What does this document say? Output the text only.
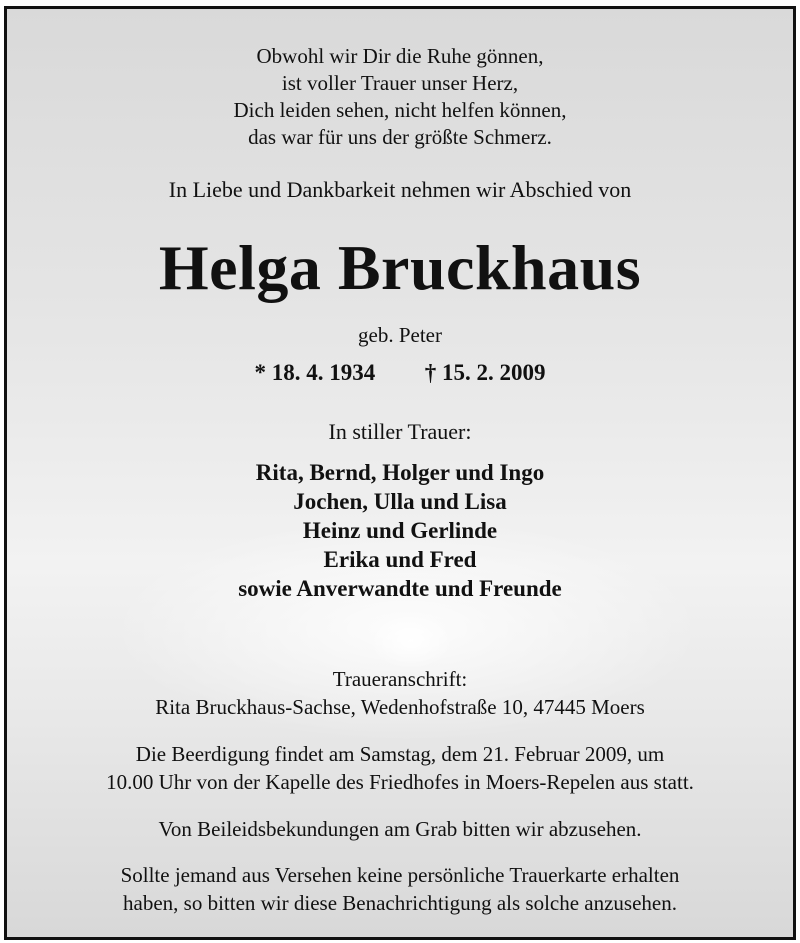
Obwohl wir Dir die Ruhe gönnen,
ist voller Trauer unser Herz,
Dich leiden sehen, nicht helfen können,
das war für uns der größte Schmerz.
In Liebe und Dankbarkeit nehmen wir Abschied von
Helga Bruckhaus
geb. Peter
* 18. 4. 1934 † 15. 2. 2009
In stiller Trauer:
Rita, Bernd, Holger und Ingo
Jochen, Ulla und Lisa
Heinz und Gerlinde
Erika und Fred
sowie Anverwandte und Freunde
Traueranschrift:
Rita Bruckhaus-Sachse, Wedenhofstraße 10, 47445 Moers
Die Beerdigung findet am Samstag, dem 21. Februar 2009, um
10.00 Uhr von der Kapelle des Friedhofes in Moers-Repelen aus statt.
Von Beileidsbekundungen am Grab bitten wir abzusehen.
Sollte jemand aus Versehen keine persönliche Trauerkarte erhalten
haben, so bitten wir diese Benachrichtigung als solche anzusehen.
